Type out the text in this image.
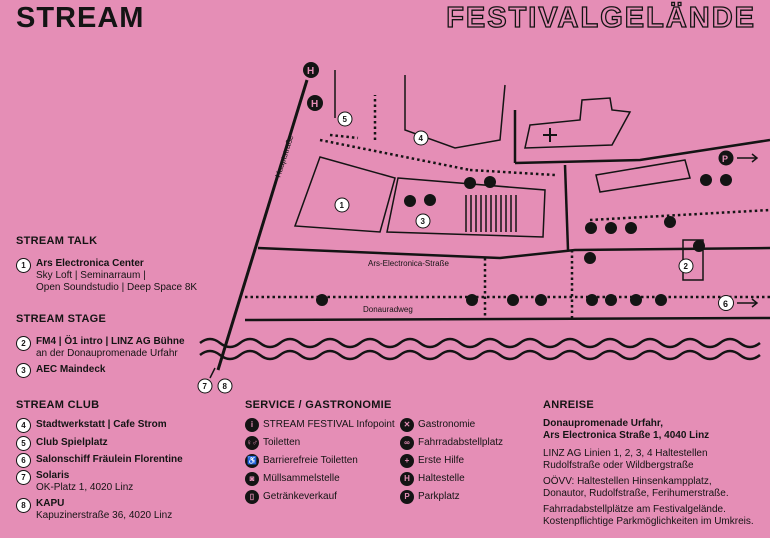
STREAM	FESTIVALGELÄNDE
Hauptstraße
Ars-Electronica-Straße
Donauradweg
H
H
P
6
1
3
4
5
2
7 8
STREAM TALK
1	Ars Electronica Center
Sky Loft | Seminarraum |
Open Soundstudio | Deep Space 8K
STREAM STAGE
2	FM4 | Ö1 intro | LINZ AG Bühne
an der Donaupromenade Urfahr
3	AEC Maindeck
STREAM CLUB
4	Stadtwerkstatt | Cafe Strom
5	Club Spielplatz
6	Salonschiff Fräulein Florentine
7	Solaris
OK-Platz 1, 4020 Linz
8	KAPU
Kapuzinerstraße 36, 4020 Linz
SERVICE / GASTRONOMIE
i STREAM FESTIVAL Infopoint
♀♂ Toiletten
♿ Barrierefreie Toiletten
◙ Müllsammelstelle
▯ Getränkeverkauf
✕ Gastronomie
∞ Fahrradabstellplatz
+ Erste Hilfe
H Haltestelle
P Parkplatz
ANREISE
Donaupromenade Urfahr,
Ars Electronica Straße 1, 4040 Linz
LINZ AG Linien 1, 2, 3, 4 Haltestellen
Rudolfstraße oder Wildbergstraße
OÖVV: Haltestellen Hinsenkampplatz,
Donautor, Rudolfstraße, Ferihumerstraße.
Fahrradabstellplätze am Festivalgelände.
Kostenpflichtige Parkmöglichkeiten im Umkreis.
